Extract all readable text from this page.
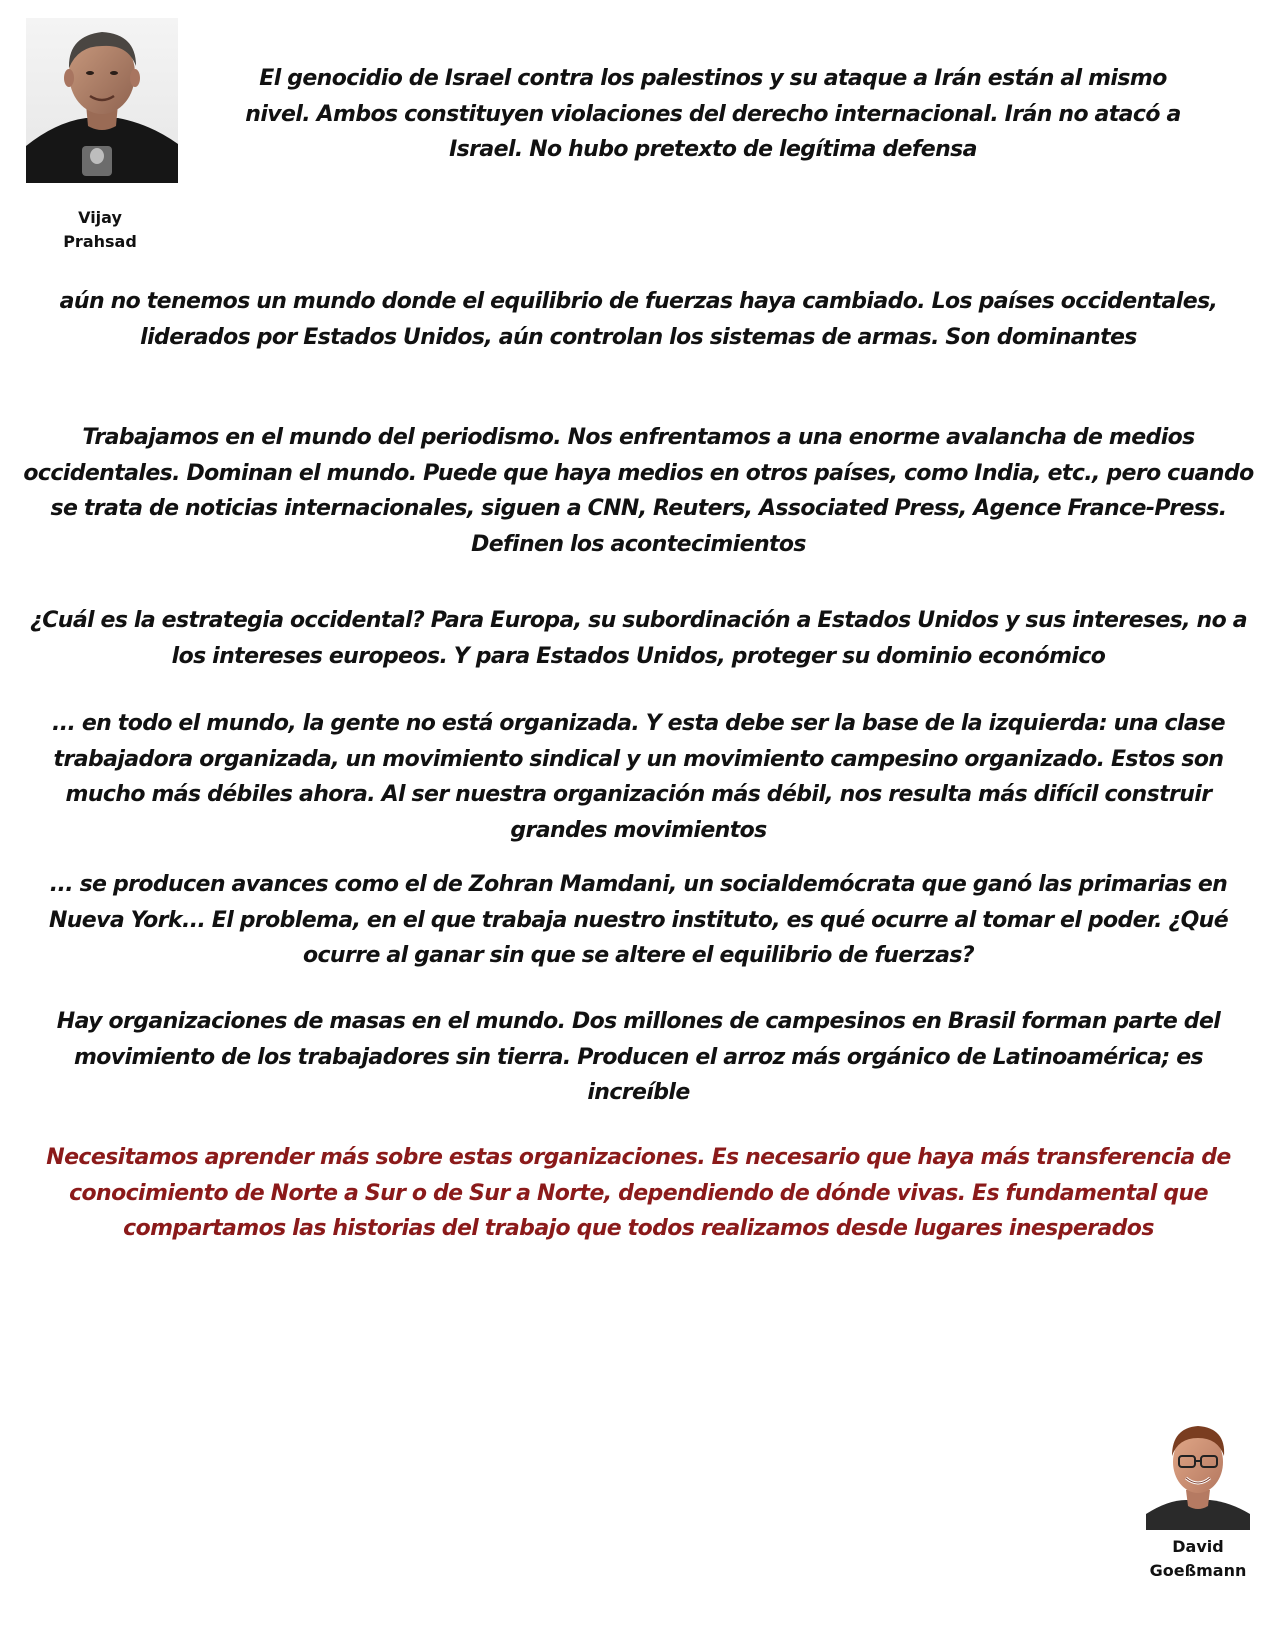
Vijay
Prahsad

El genocidio de Israel contra los palestinos y su ataque a Irán están al mismo nivel. Ambos constituyen violaciones del derecho internacional. Irán no atacó a Israel. No hubo pretexto de legítima defensa

aún no tenemos un mundo donde el equilibrio de fuerzas haya cambiado. Los países occidentales, liderados por Estados Unidos, aún controlan los sistemas de armas. Son dominantes

Trabajamos en el mundo del periodismo. Nos enfrentamos a una enorme avalancha de medios occidentales. Dominan el mundo. Puede que haya medios en otros países, como India, etc., pero cuando se trata de noticias internacionales, siguen a CNN, Reuters, Associated Press, Agence France-Press. Definen los acontecimientos

¿Cuál es la estrategia occidental? Para Europa, su subordinación a Estados Unidos y sus intereses, no a los intereses europeos. Y para Estados Unidos, proteger su dominio económico

... en todo el mundo, la gente no está organizada. Y esta debe ser la base de la izquierda: una clase trabajadora organizada, un movimiento sindical y un movimiento campesino organizado. Estos son mucho más débiles ahora. Al ser nuestra organización más débil, nos resulta más difícil construir grandes movimientos

... se producen avances como el de Zohran Mamdani, un socialdemócrata que ganó las primarias en Nueva York... El problema, en el que trabaja nuestro instituto, es qué ocurre al tomar el poder. ¿Qué ocurre al ganar sin que se altere el equilibrio de fuerzas?

Hay organizaciones de masas en el mundo. Dos millones de campesinos en Brasil forman parte del movimiento de los trabajadores sin tierra. Producen el arroz más orgánico de Latinoamérica; es increíble

Necesitamos aprender más sobre estas organizaciones. Es necesario que haya más transferencia de conocimiento de Norte a Sur o de Sur a Norte, dependiendo de dónde vivas. Es fundamental que compartamos las historias del trabajo que todos realizamos desde lugares inesperados

David
Goeßmann
